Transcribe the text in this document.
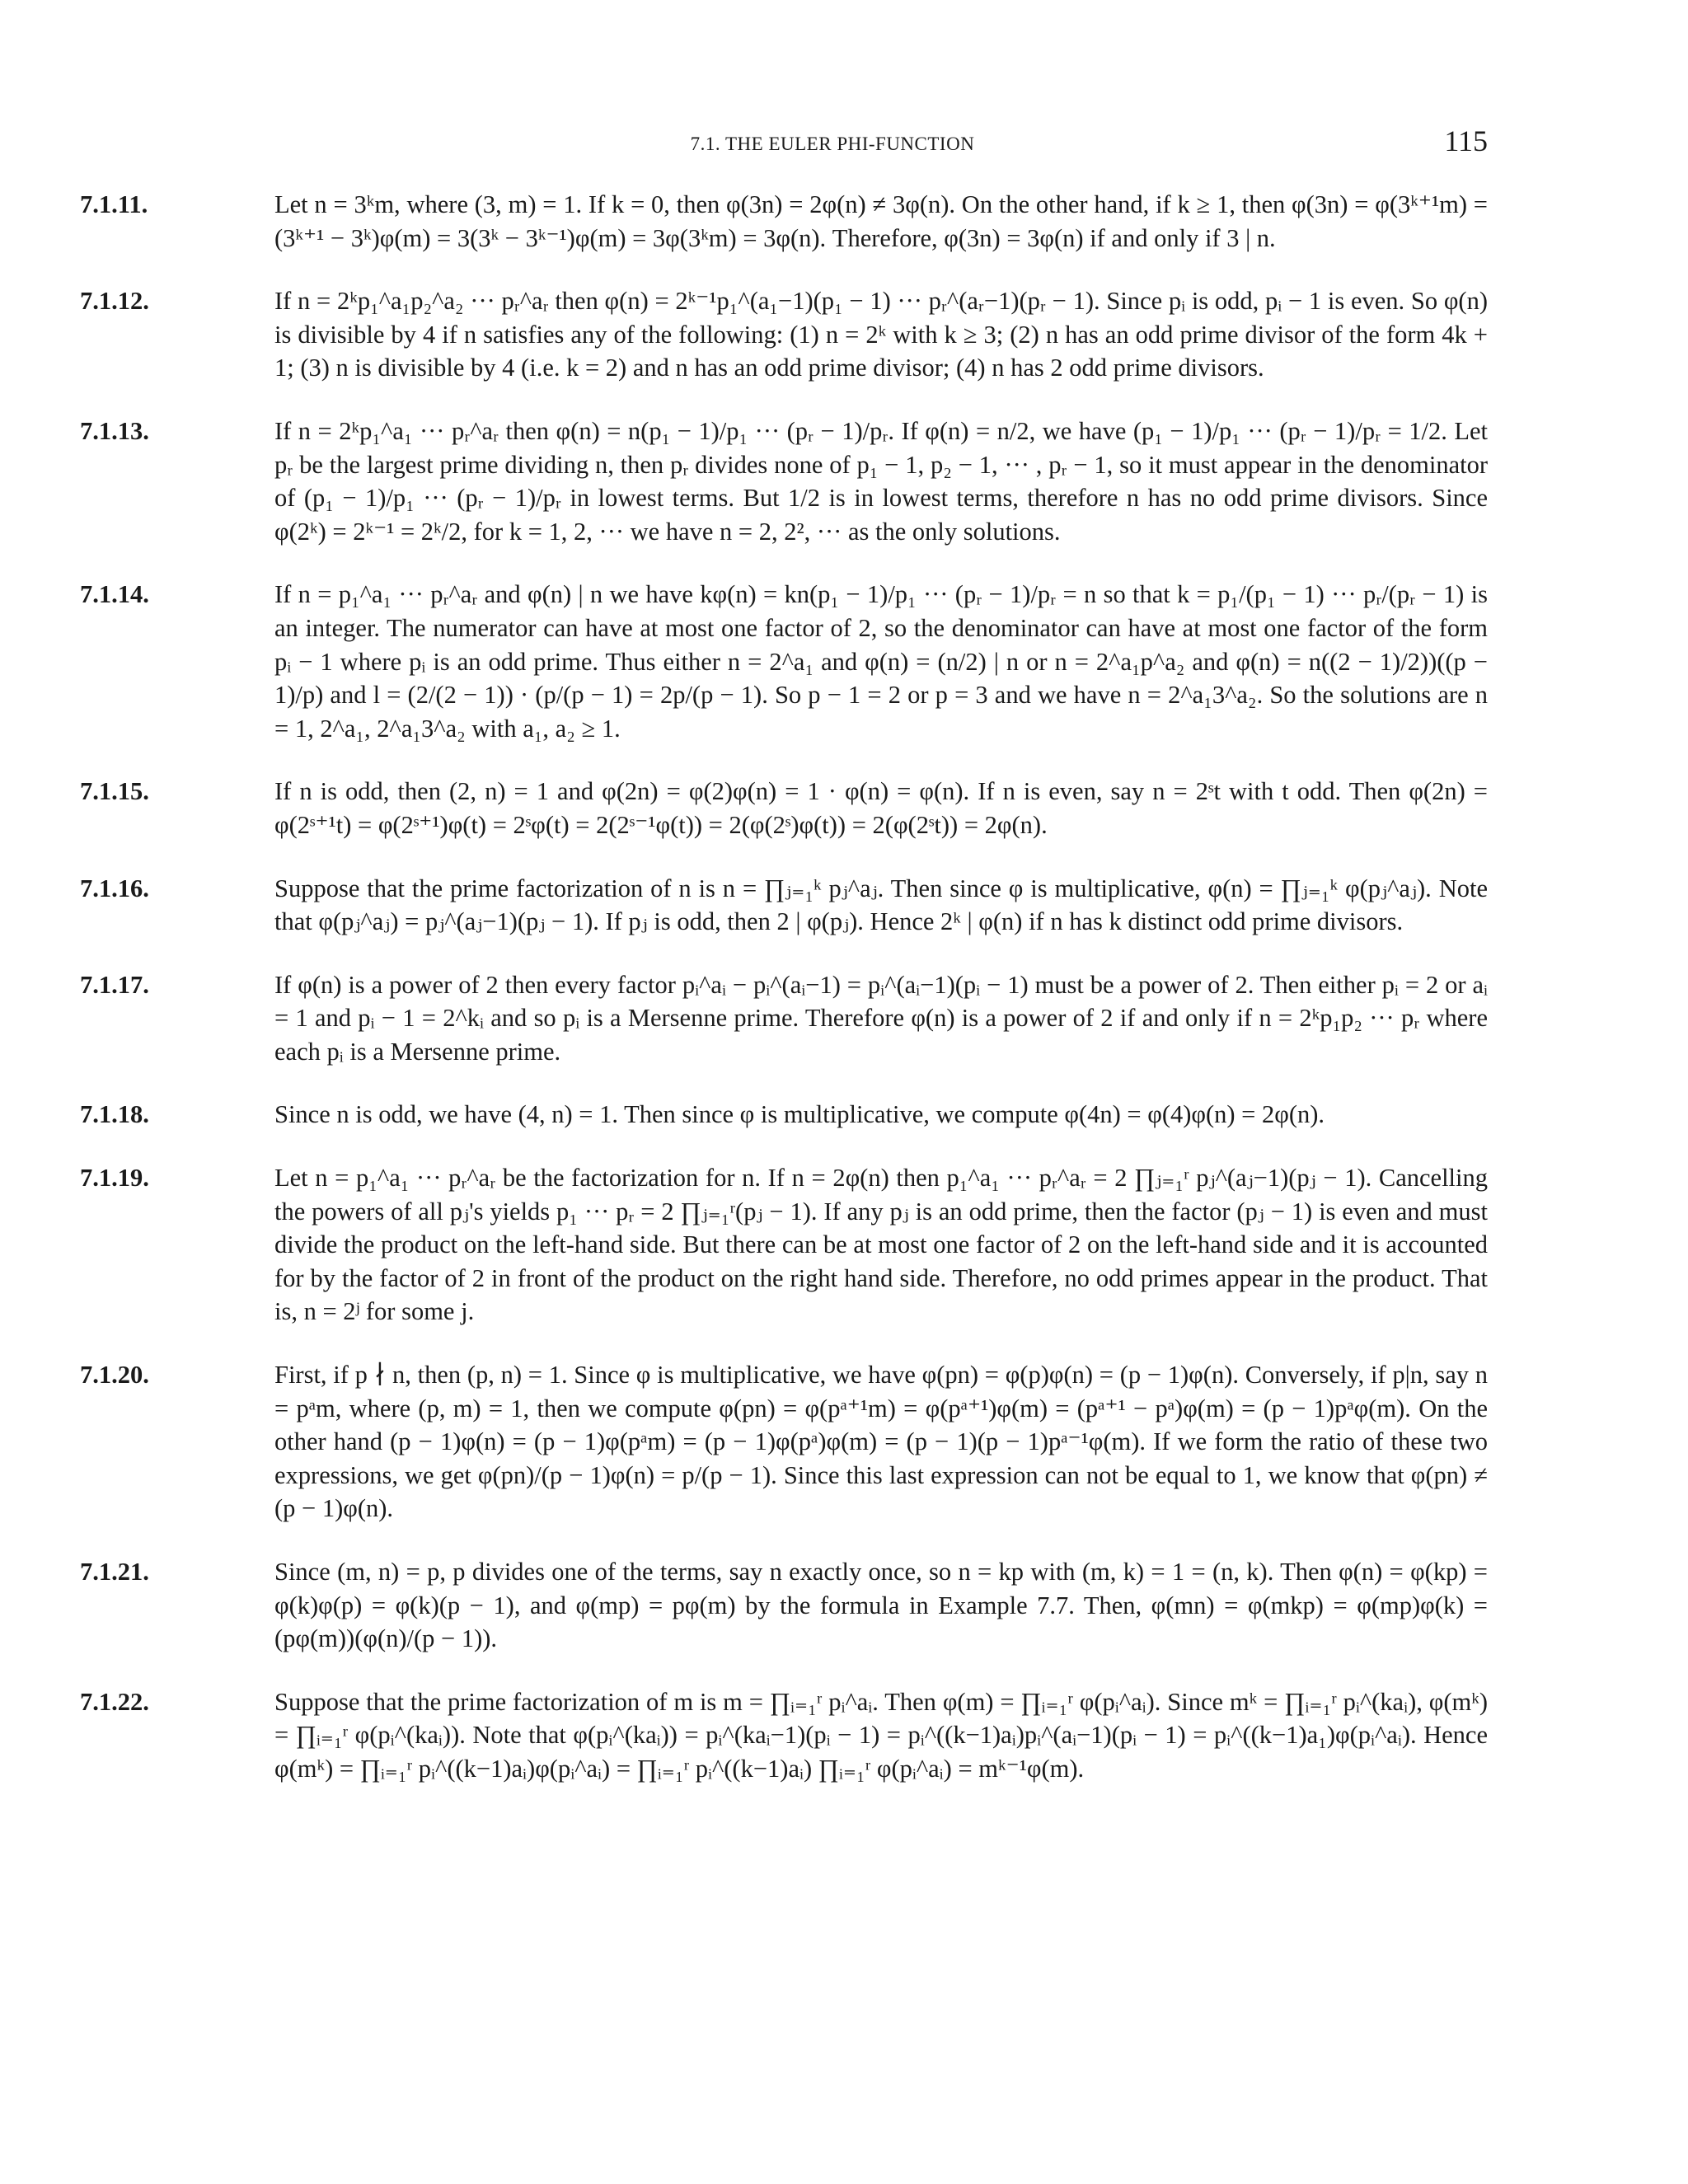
7.1. THE EULER PHI-FUNCTION	115
7.1.11.	Let n = 3ᵏm, where (3, m) = 1. If k = 0, then φ(3n) = 2φ(n) ≠ 3φ(n). On the other hand, if k ≥ 1, then φ(3n) = φ(3ᵏ⁺¹m) = (3ᵏ⁺¹ − 3ᵏ)φ(m) = 3(3ᵏ − 3ᵏ⁻¹)φ(m) = 3φ(3ᵏm) = 3φ(n). Therefore, φ(3n) = 3φ(n) if and only if 3 | n.
7.1.12.	If n = 2ᵏp₁^a₁p₂^a₂ ··· pᵣ^aᵣ then φ(n) = 2ᵏ⁻¹p₁^(a₁−1)(p₁ − 1) ··· pᵣ^(aᵣ−1)(pᵣ − 1). Since pᵢ is odd, pᵢ − 1 is even. So φ(n) is divisible by 4 if n satisfies any of the following: (1) n = 2ᵏ with k ≥ 3; (2) n has an odd prime divisor of the form 4k + 1; (3) n is divisible by 4 (i.e. k = 2) and n has an odd prime divisor; (4) n has 2 odd prime divisors.
7.1.13.	If n = 2ᵏp₁^a₁ ··· pᵣ^aᵣ then φ(n) = n(p₁ − 1)/p₁ ··· (pᵣ − 1)/pᵣ. If φ(n) = n/2, we have (p₁ − 1)/p₁ ··· (pᵣ − 1)/pᵣ = 1/2. Let pᵣ be the largest prime dividing n, then pᵣ divides none of p₁ − 1, p₂ − 1, ··· , pᵣ − 1, so it must appear in the denominator of (p₁ − 1)/p₁ ··· (pᵣ − 1)/pᵣ in lowest terms. But 1/2 is in lowest terms, therefore n has no odd prime divisors. Since φ(2ᵏ) = 2ᵏ⁻¹ = 2ᵏ/2, for k = 1, 2, ··· we have n = 2, 2², ··· as the only solutions.
7.1.14.	If n = p₁^a₁ ··· pᵣ^aᵣ and φ(n) | n we have kφ(n) = kn(p₁ − 1)/p₁ ··· (pᵣ − 1)/pᵣ = n so that k = p₁/(p₁ − 1) ··· pᵣ/(pᵣ − 1) is an integer. The numerator can have at most one factor of 2, so the denominator can have at most one factor of the form pᵢ − 1 where pᵢ is an odd prime. Thus either n = 2^a₁ and φ(n) = (n/2) | n or n = 2^a₁p^a₂ and φ(n) = n((2 − 1)/2))((p − 1)/p) and l = (2/(2 − 1)) · (p/(p − 1) = 2p/(p − 1). So p − 1 = 2 or p = 3 and we have n = 2^a₁3^a₂. So the solutions are n = 1, 2^a₁, 2^a₁3^a₂ with a₁, a₂ ≥ 1.
7.1.15.	If n is odd, then (2, n) = 1 and φ(2n) = φ(2)φ(n) = 1 · φ(n) = φ(n). If n is even, say n = 2ˢt with t odd. Then φ(2n) = φ(2ˢ⁺¹t) = φ(2ˢ⁺¹)φ(t) = 2ˢφ(t) = 2(2ˢ⁻¹φ(t)) = 2(φ(2ˢ)φ(t)) = 2(φ(2ˢt)) = 2φ(n).
7.1.16.	Suppose that the prime factorization of n is n = ∏ⱼ₌₁ᵏ pⱼ^aⱼ. Then since φ is multiplicative, φ(n) = ∏ⱼ₌₁ᵏ φ(pⱼ^aⱼ). Note that φ(pⱼ^aⱼ) = pⱼ^(aⱼ−1)(pⱼ − 1). If pⱼ is odd, then 2 | φ(pⱼ). Hence 2ᵏ | φ(n) if n has k distinct odd prime divisors.
7.1.17.	If φ(n) is a power of 2 then every factor pᵢ^aᵢ − pᵢ^(aᵢ−1) = pᵢ^(aᵢ−1)(pᵢ − 1) must be a power of 2. Then either pᵢ = 2 or aᵢ = 1 and pᵢ − 1 = 2^kᵢ and so pᵢ is a Mersenne prime. Therefore φ(n) is a power of 2 if and only if n = 2ᵏp₁p₂ ··· pᵣ where each pᵢ is a Mersenne prime.
7.1.18.	Since n is odd, we have (4, n) = 1. Then since φ is multiplicative, we compute φ(4n) = φ(4)φ(n) = 2φ(n).
7.1.19.	Let n = p₁^a₁ ··· pᵣ^aᵣ be the factorization for n. If n = 2φ(n) then p₁^a₁ ··· pᵣ^aᵣ = 2 ∏ⱼ₌₁ʳ pⱼ^(aⱼ−1)(pⱼ − 1). Cancelling the powers of all pⱼ's yields p₁ ··· pᵣ = 2 ∏ⱼ₌₁ʳ(pⱼ − 1). If any pⱼ is an odd prime, then the factor (pⱼ − 1) is even and must divide the product on the left-hand side. But there can be at most one factor of 2 on the left-hand side and it is accounted for by the factor of 2 in front of the product on the right hand side. Therefore, no odd primes appear in the product. That is, n = 2ʲ for some j.
7.1.20.	First, if p ∤ n, then (p, n) = 1. Since φ is multiplicative, we have φ(pn) = φ(p)φ(n) = (p − 1)φ(n). Conversely, if p|n, say n = pᵃm, where (p, m) = 1, then we compute φ(pn) = φ(pᵃ⁺¹m) = φ(pᵃ⁺¹)φ(m) = (pᵃ⁺¹ − pᵃ)φ(m) = (p − 1)pᵃφ(m). On the other hand (p − 1)φ(n) = (p − 1)φ(pᵃm) = (p − 1)φ(pᵃ)φ(m) = (p − 1)(p − 1)pᵃ⁻¹φ(m). If we form the ratio of these two expressions, we get φ(pn)/(p − 1)φ(n) = p/(p − 1). Since this last expression can not be equal to 1, we know that φ(pn) ≠ (p − 1)φ(n).
7.1.21.	Since (m, n) = p, p divides one of the terms, say n exactly once, so n = kp with (m, k) = 1 = (n, k). Then φ(n) = φ(kp) = φ(k)φ(p) = φ(k)(p − 1), and φ(mp) = pφ(m) by the formula in Example 7.7. Then, φ(mn) = φ(mkp) = φ(mp)φ(k) = (pφ(m))(φ(n)/(p − 1)).
7.1.22.	Suppose that the prime factorization of m is m = ∏ᵢ₌₁ʳ pᵢ^aᵢ. Then φ(m) = ∏ᵢ₌₁ʳ φ(pᵢ^aᵢ). Since mᵏ = ∏ᵢ₌₁ʳ pᵢ^(kaᵢ), φ(mᵏ) = ∏ᵢ₌₁ʳ φ(pᵢ^(kaᵢ)). Note that φ(pᵢ^(kaᵢ)) = pᵢ^(kaᵢ−1)(pᵢ − 1) = pᵢ^((k−1)aᵢ)pᵢ^(aᵢ−1)(pᵢ − 1) = pᵢ^((k−1)a₁)φ(pᵢ^aᵢ). Hence φ(mᵏ) = ∏ᵢ₌₁ʳ pᵢ^((k−1)aᵢ)φ(pᵢ^aᵢ) = ∏ᵢ₌₁ʳ pᵢ^((k−1)aᵢ) ∏ᵢ₌₁ʳ φ(pᵢ^aᵢ) = mᵏ⁻¹φ(m).
